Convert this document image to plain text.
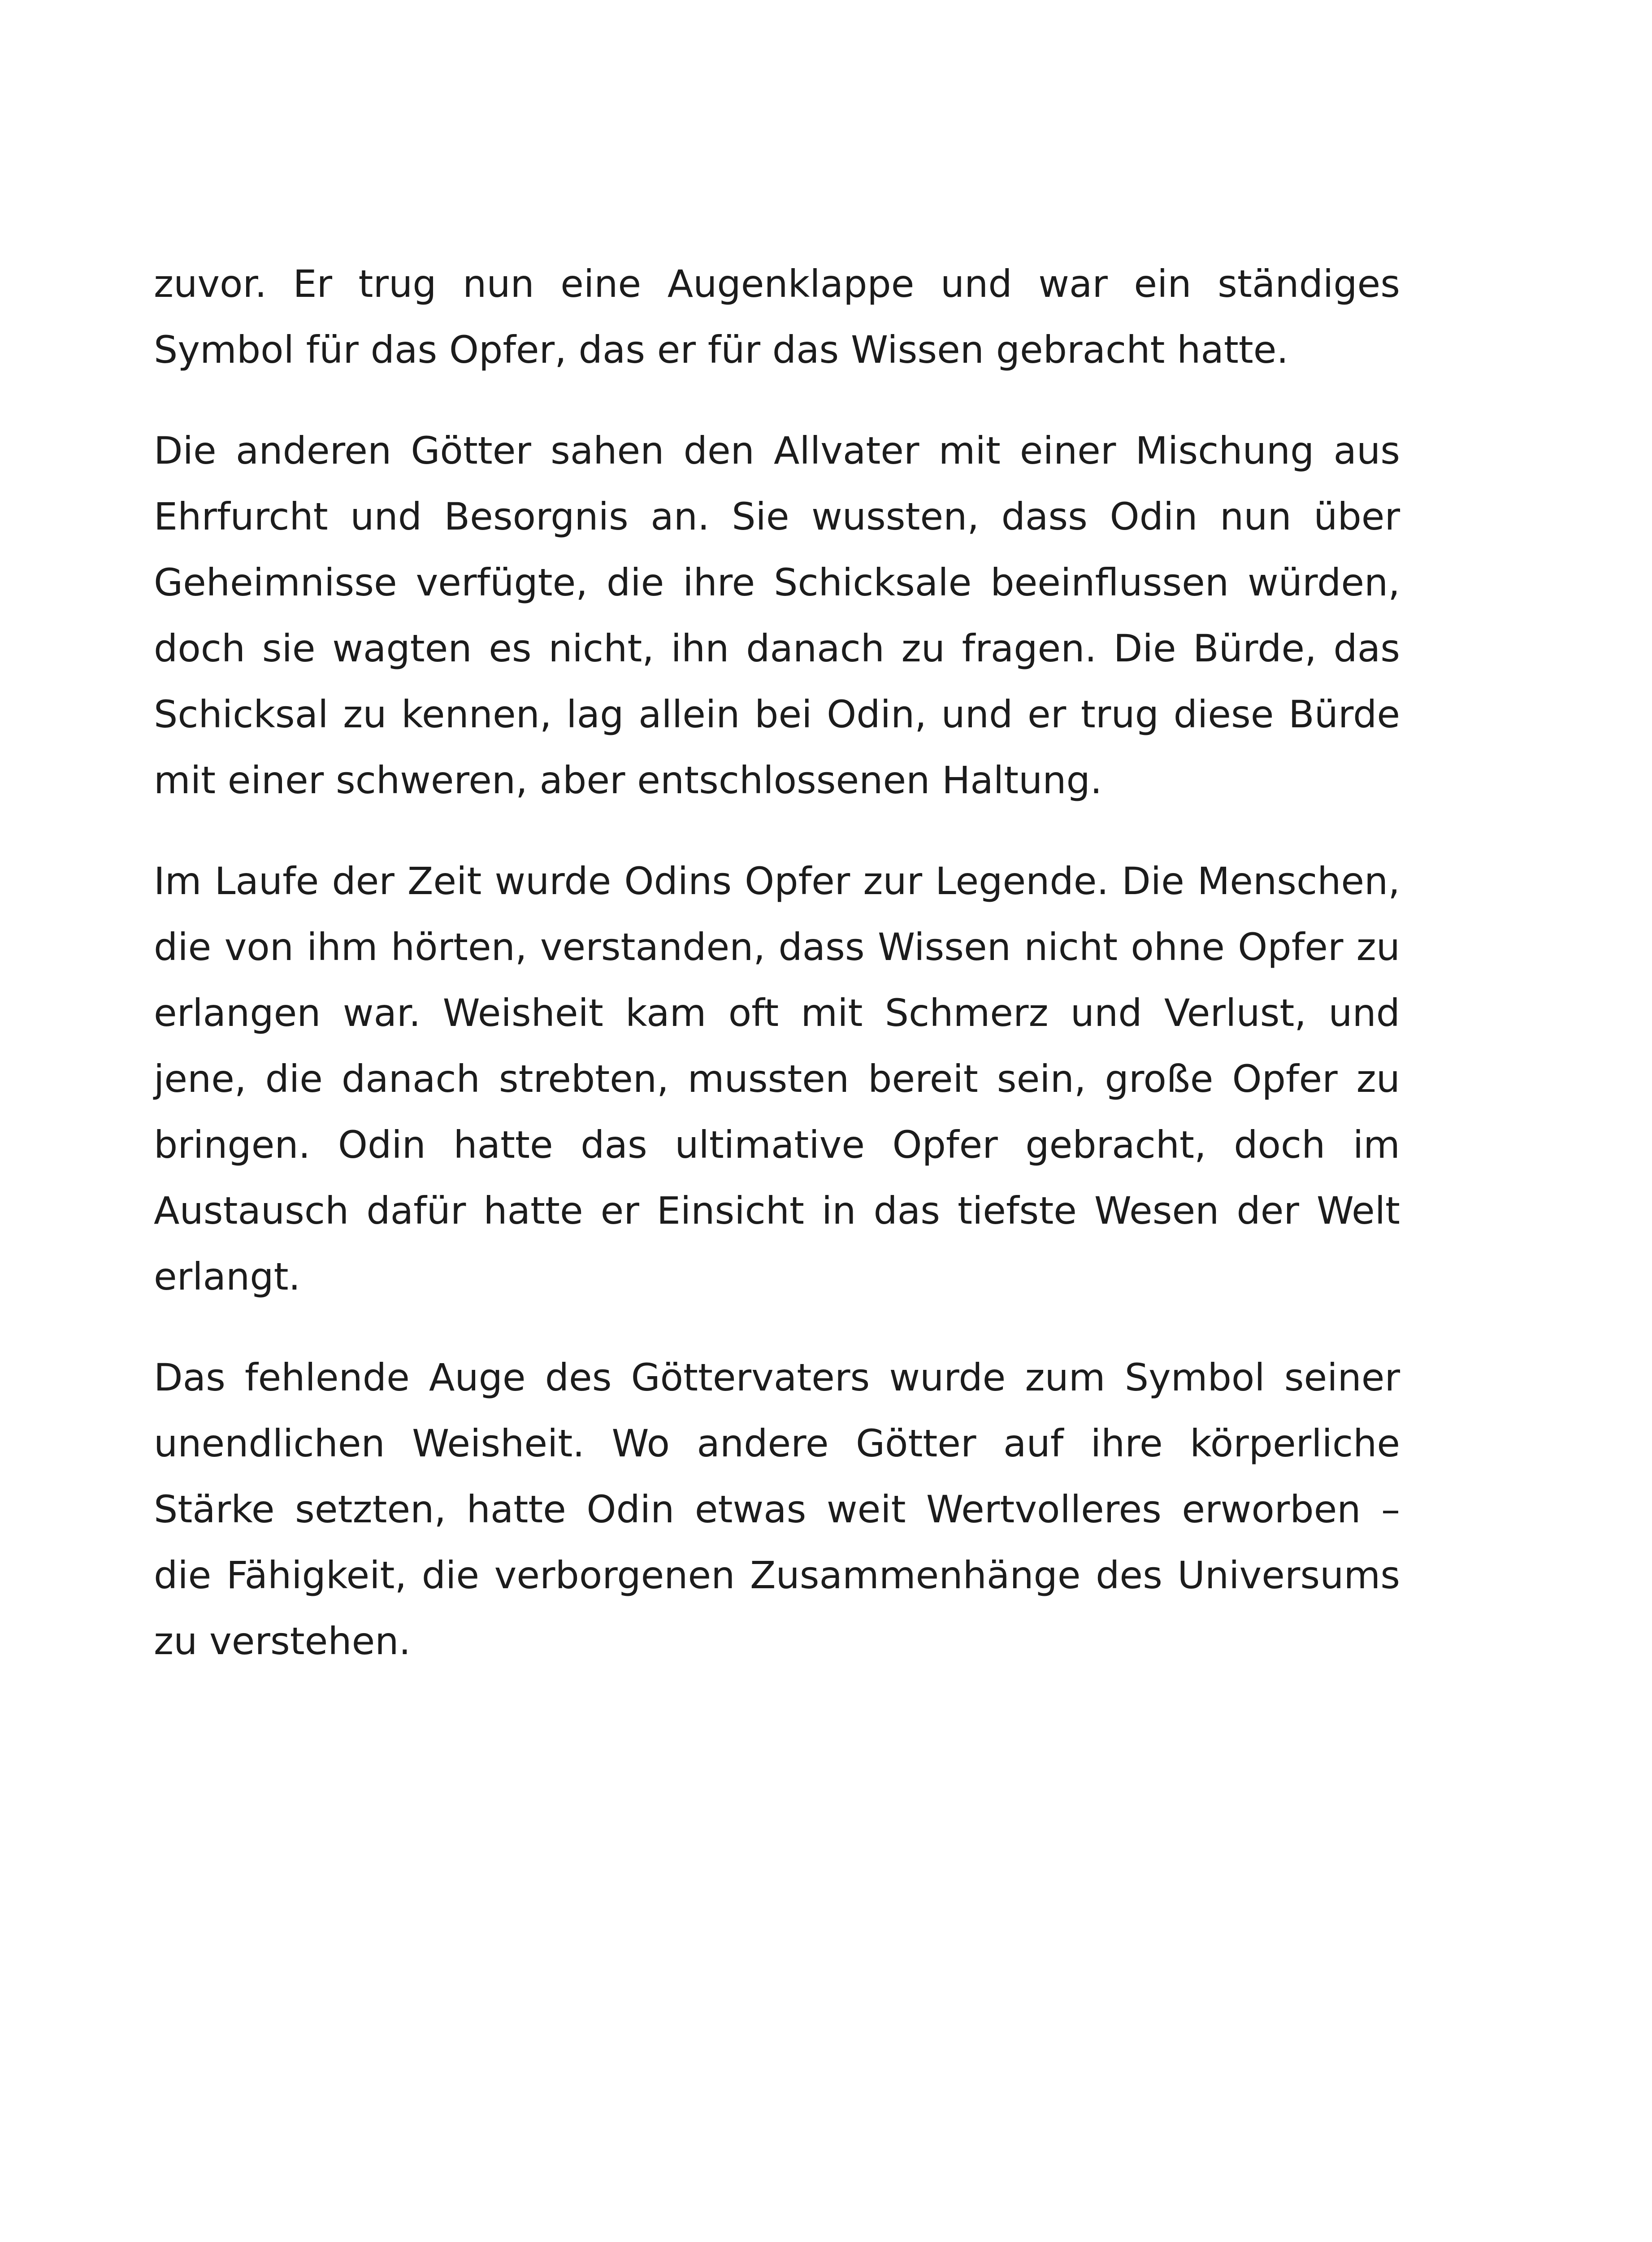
zuvor. Er trug nun eine Augenklappe und war ein ständiges Symbol für das Opfer, das er für das Wissen gebracht hatte.

Die anderen Götter sahen den Allvater mit einer Mischung aus Ehrfurcht und Besorgnis an. Sie wussten, dass Odin nun über Geheimnisse verfügte, die ihre Schicksale beeinflussen würden, doch sie wagten es nicht, ihn danach zu fragen. Die Bürde, das Schicksal zu kennen, lag allein bei Odin, und er trug diese Bürde mit einer schweren, aber entschlossenen Haltung.

Im Laufe der Zeit wurde Odins Opfer zur Legende. Die Menschen, die von ihm hörten, verstanden, dass Wissen nicht ohne Opfer zu erlangen war. Weisheit kam oft mit Schmerz und Verlust, und jene, die danach strebten, mussten bereit sein, große Opfer zu bringen. Odin hatte das ultimative Opfer gebracht, doch im Austausch dafür hatte er Einsicht in das tiefste Wesen der Welt erlangt.

Das fehlende Auge des Göttervaters wurde zum Symbol seiner unendlichen Weisheit. Wo andere Götter auf ihre körperliche Stärke setzten, hatte Odin etwas weit Wertvolleres erworben – die Fähigkeit, die verborgenen Zusammenhänge des Universums zu verstehen.
